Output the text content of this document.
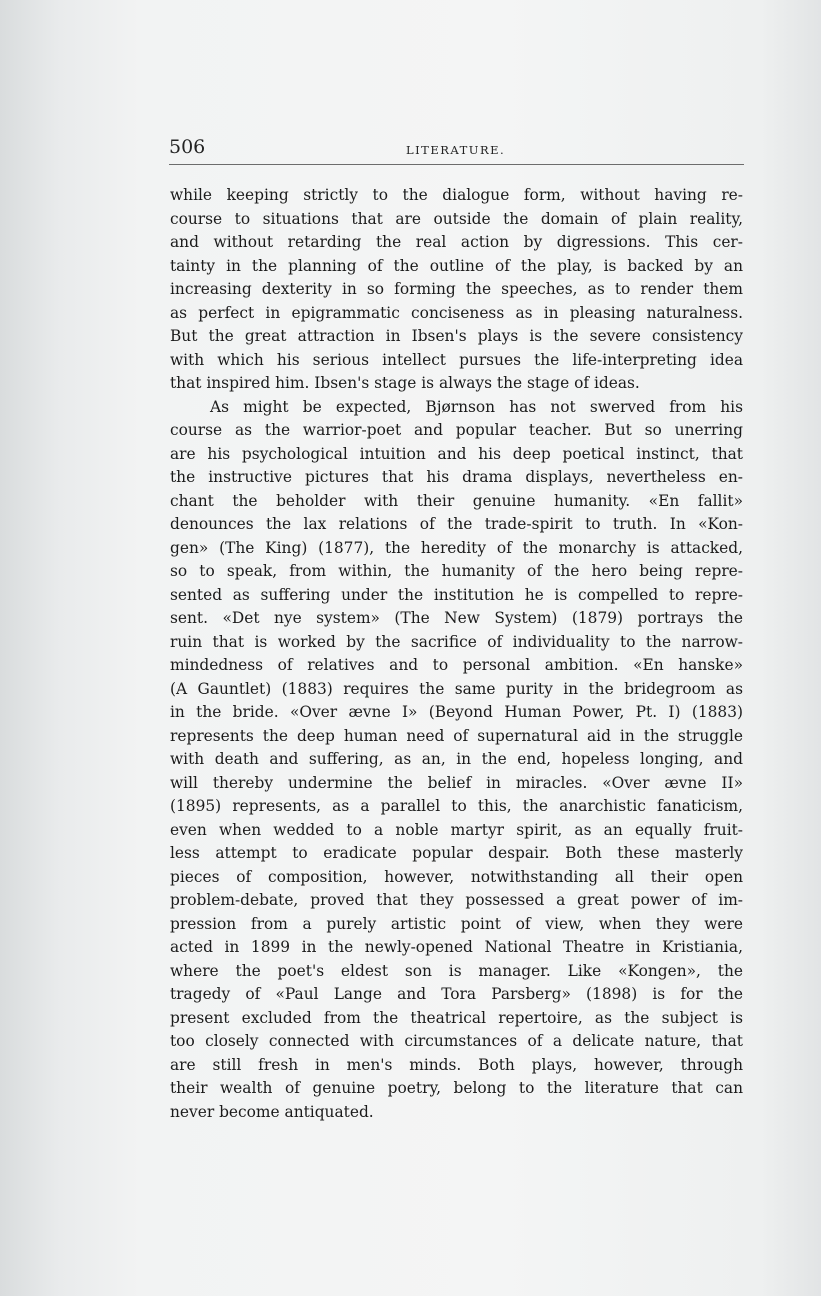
506	LITERATURE.
while keeping strictly to the dialogue form, without having re-
course to situations that are outside the domain of plain reality,
and without retarding the real action by digressions. This cer-
tainty in the planning of the outline of the play, is backed by an
increasing dexterity in so forming the speeches, as to render them
as perfect in epigrammatic conciseness as in pleasing naturalness.
But the great attraction in Ibsen's plays is the severe consistency
with which his serious intellect pursues the life-interpreting idea
that inspired him. Ibsen's stage is always the stage of ideas.
As might be expected, Bjørnson has not swerved from his
course as the warrior-poet and popular teacher. But so unerring
are his psychological intuition and his deep poetical instinct, that
the instructive pictures that his drama displays, nevertheless en-
chant the beholder with their genuine humanity. «En fallit»
denounces the lax relations of the trade-spirit to truth. In «Kon-
gen» (The King) (1877), the heredity of the monarchy is attacked,
so to speak, from within, the humanity of the hero being repre-
sented as suffering under the institution he is compelled to repre-
sent. «Det nye system» (The New System) (1879) portrays the
ruin that is worked by the sacrifice of individuality to the narrow-
mindedness of relatives and to personal ambition. «En hanske»
(A Gauntlet) (1883) requires the same purity in the bridegroom as
in the bride. «Over ævne I» (Beyond Human Power, Pt. I) (1883)
represents the deep human need of supernatural aid in the struggle
with death and suffering, as an, in the end, hopeless longing, and
will thereby undermine the belief in miracles. «Over ævne II»
(1895) represents, as a parallel to this, the anarchistic fanaticism,
even when wedded to a noble martyr spirit, as an equally fruit-
less attempt to eradicate popular despair. Both these masterly
pieces of composition, however, notwithstanding all their open
problem-debate, proved that they possessed a great power of im-
pression from a purely artistic point of view, when they were
acted in 1899 in the newly-opened National Theatre in Kristiania,
where the poet's eldest son is manager. Like «Kongen», the
tragedy of «Paul Lange and Tora Parsberg» (1898) is for the
present excluded from the theatrical repertoire, as the subject is
too closely connected with circumstances of a delicate nature, that
are still fresh in men's minds. Both plays, however, through
their wealth of genuine poetry, belong to the literature that can
never become antiquated.
